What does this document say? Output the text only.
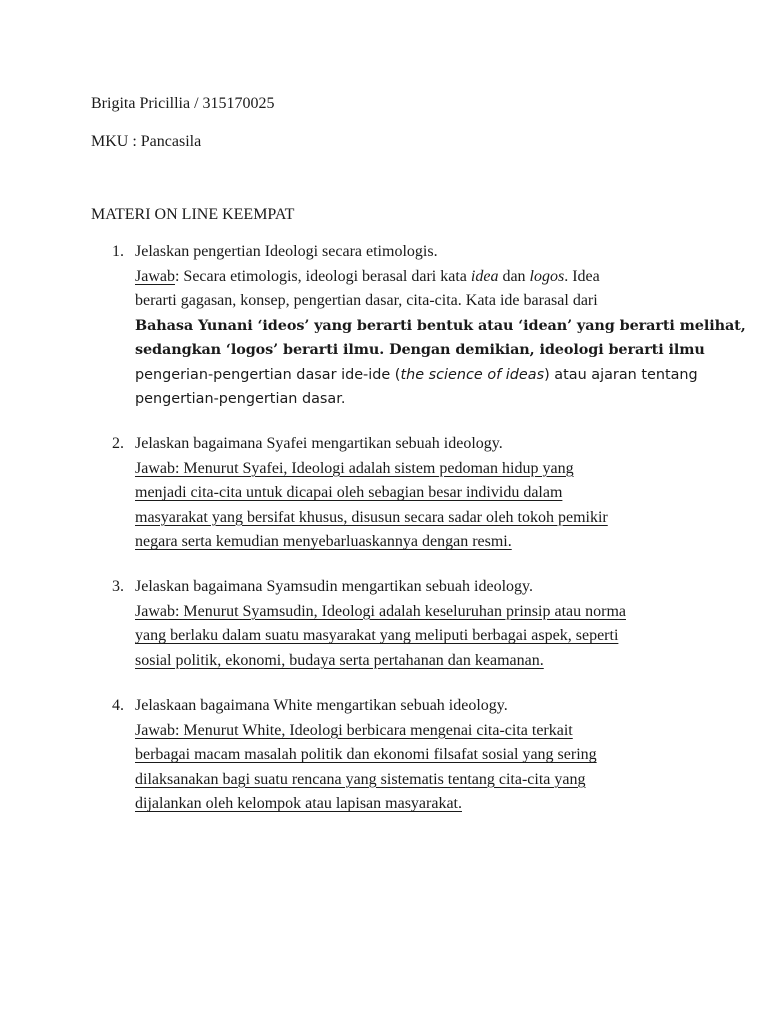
Brigita Pricillia / 315170025
MKU : Pancasila
MATERI ON LINE KEEMPAT
1. Jelaskan pengertian Ideologi secara etimologis.
Jawab: Secara etimologis, ideologi berasal dari kata idea dan logos. Idea
berarti gagasan, konsep, pengertian dasar, cita-cita. Kata ide barasal dari
Bahasa Yunani ‘ideos’ yang berarti bentuk atau ‘idean’ yang berarti melihat,
sedangkan ‘logos’ berarti ilmu. Dengan demikian, ideologi berarti ilmu
pengerian-pengertian dasar ide-ide (the science of ideas) atau ajaran tentang
pengertian-pengertian dasar.
2. Jelaskan bagaimana Syafei mengartikan sebuah ideology.
Jawab: Menurut Syafei, Ideologi adalah sistem pedoman hidup yang
menjadi cita-cita untuk dicapai oleh sebagian besar individu dalam
masyarakat yang bersifat khusus, disusun secara sadar oleh tokoh pemikir
negara serta kemudian menyebarluaskannya dengan resmi.
3. Jelaskan bagaimana Syamsudin mengartikan sebuah ideology.
Jawab: Menurut Syamsudin, Ideologi adalah keseluruhan prinsip atau norma
yang berlaku dalam suatu masyarakat yang meliputi berbagai aspek, seperti
sosial politik, ekonomi, budaya serta pertahanan dan keamanan.
4. Jelaskaan bagaimana White mengartikan sebuah ideology.
Jawab: Menurut White, Ideologi berbicara mengenai cita-cita terkait
berbagai macam masalah politik dan ekonomi filsafat sosial yang sering
dilaksanakan bagi suatu rencana yang sistematis tentang cita-cita yang
dijalankan oleh kelompok atau lapisan masyarakat.
